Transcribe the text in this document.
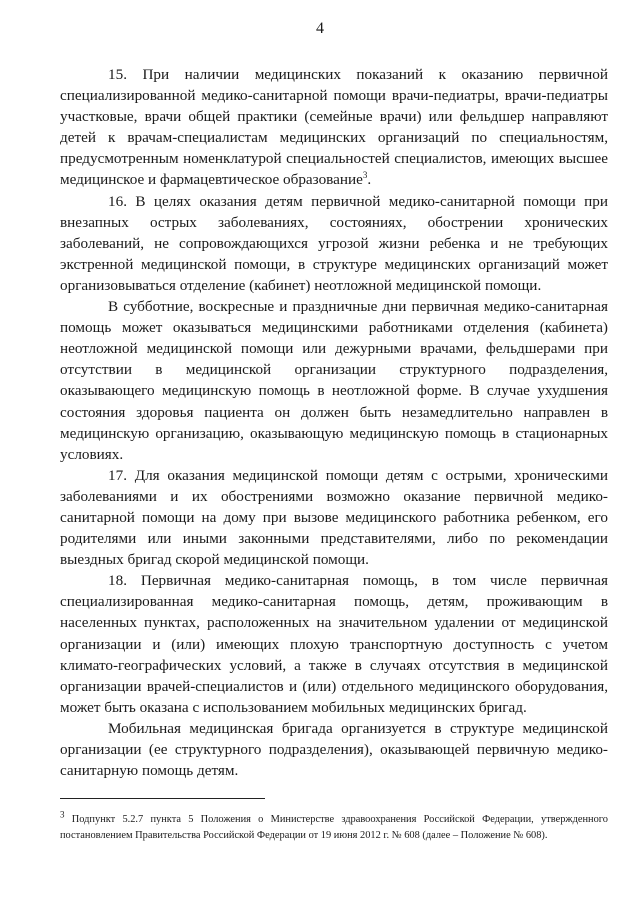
4

15. При наличии медицинских показаний к оказанию первичной специализированной медико-санитарной помощи врачи-педиатры, врачи-педиатры участковые, врачи общей практики (семейные врачи) или фельдшер направляют детей к врачам-специалистам медицинских организаций по специальностям, предусмотренным номенклатурой специальностей специалистов, имеющих высшее медицинское и фармацевтическое образование$^3$.

16. В целях оказания детям первичной медико-санитарной помощи при внезапных острых заболеваниях, состояниях, обострении хронических заболеваний, не сопровождающихся угрозой жизни ребенка и не требующих экстренной медицинской помощи, в структуре медицинских организаций может организовываться отделение (кабинет) неотложной медицинской помощи.

В субботние, воскресные и праздничные дни первичная медико-санитарная помощь может оказываться медицинскими работниками отделения (кабинета) неотложной медицинской помощи или дежурными врачами, фельдшерами при отсутствии в медицинской организации структурного подразделения, оказывающего медицинскую помощь в неотложной форме. В случае ухудшения состояния здоровья пациента он должен быть незамедлительно направлен в медицинскую организацию, оказывающую медицинскую помощь в стационарных условиях.

17. Для оказания медицинской помощи детям с острыми, хроническими заболеваниями и их обострениями возможно оказание первичной медико-санитарной помощи на дому при вызове медицинского работника ребенком, его родителями или иными законными представителями, либо по рекомендации выездных бригад скорой медицинской помощи.

18. Первичная медико-санитарная помощь, в том числе первичная специализированная медико-санитарная помощь, детям, проживающим в населенных пунктах, расположенных на значительном удалении от медицинской организации и (или) имеющих плохую транспортную доступность с учетом климато-географических условий, а также в случаях отсутствия в медицинской организации врачей-специалистов и (или) отдельного медицинского оборудования, может быть оказана с использованием мобильных медицинских бригад.

Мобильная медицинская бригада организуется в структуре медицинской организации (ее структурного подразделения), оказывающей первичную медико-санитарную помощь детям.

$^3$ Подпункт 5.2.7 пункта 5 Положения о Министерстве здравоохранения Российской Федерации, утвержденного постановлением Правительства Российской Федерации от 19 июня 2012 г. № 608 (далее – Положение № 608).
